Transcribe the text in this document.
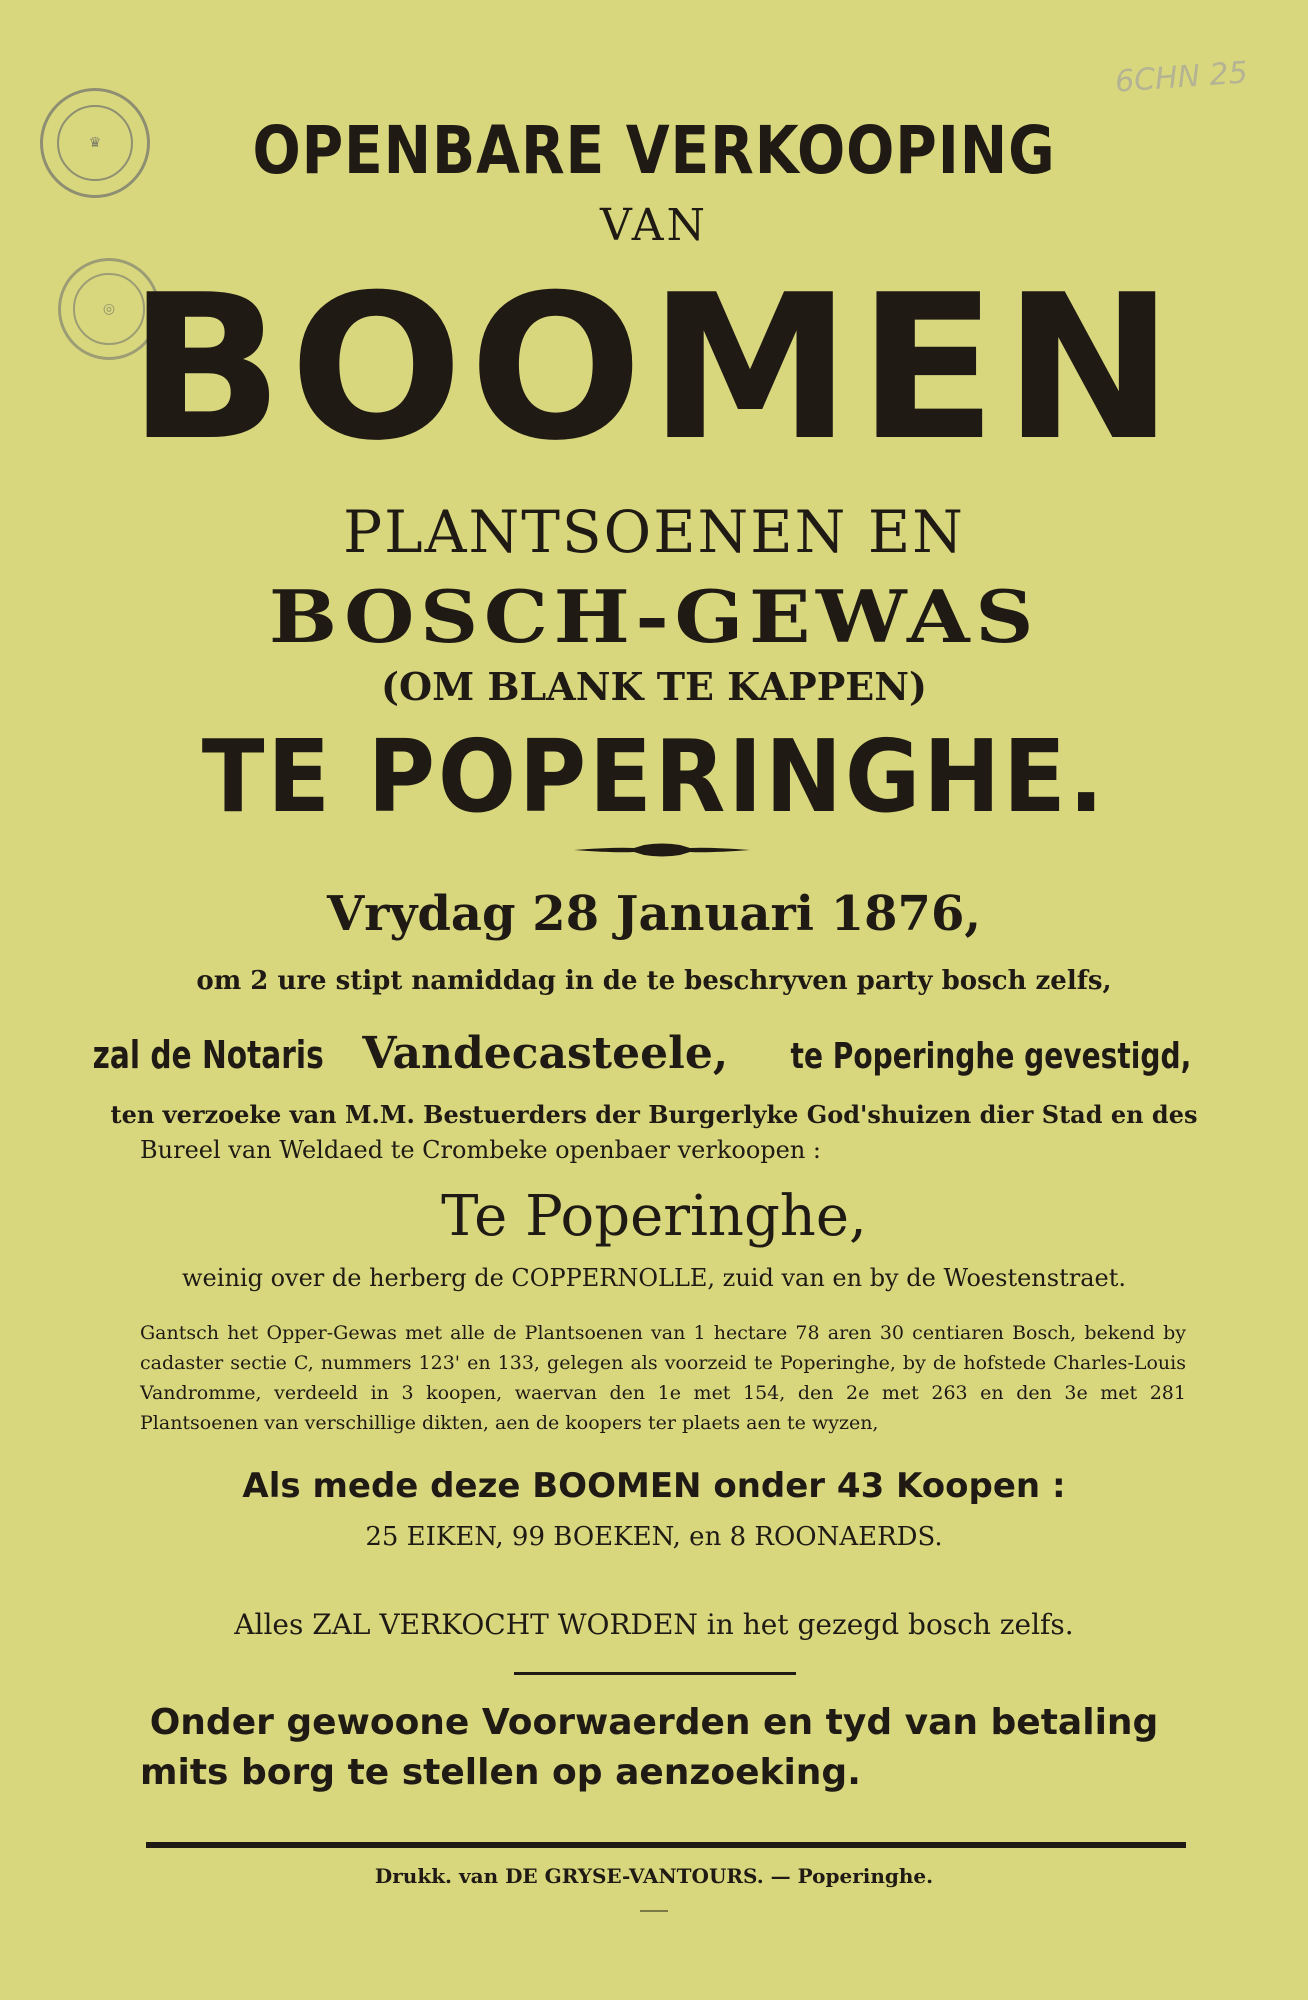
♛
◎
6CHN 25
OPENBARE VERKOOPING
VAN
BOOMEN
PLANTSOENEN EN
BOSCH-GEWAS
(OM BLANK TE KAPPEN)
TE POPERINGHE.
Vrydag 28 Januari 1876,
om 2 ure stipt namiddag in de te beschryven party bosch zelfs,
zal de Notaris Vandecasteele, te Poperinghe gevestigd,
ten verzoeke van M.M. Bestuerders der Burgerlyke God'shuizen dier Stad en des
Bureel van Weldaed te Crombeke openbaer verkoopen :
Te Poperinghe,
weinig over de herberg de COPPERNOLLE, zuid van en by de Woestenstraet.
Gantsch het Opper-Gewas met alle de Plantsoenen van 1 hectare 78 aren 30 centiaren Bosch, bekend by cadaster sectie C, nummers 123' en 133, gelegen als voorzeid te Poperinghe, by de hofstede Charles-Louis Vandromme, verdeeld in 3 koopen, waervan den 1e met 154, den 2e met 263 en den 3e met 281 Plantsoenen van verschillige dikten, aen de koopers ter plaets aen te wyzen,
Als mede deze BOOMEN onder 43 Koopen :
25 EIKEN, 99 BOEKEN, en 8 ROONAERDS.
Alles ZAL VERKOCHT WORDEN in het gezegd bosch zelfs.
Onder gewoone Voorwaerden en tyd van betaling
mits borg te stellen op aenzoeking.
Drukk. van DE GRYSE-VANTOURS. — Poperinghe.
